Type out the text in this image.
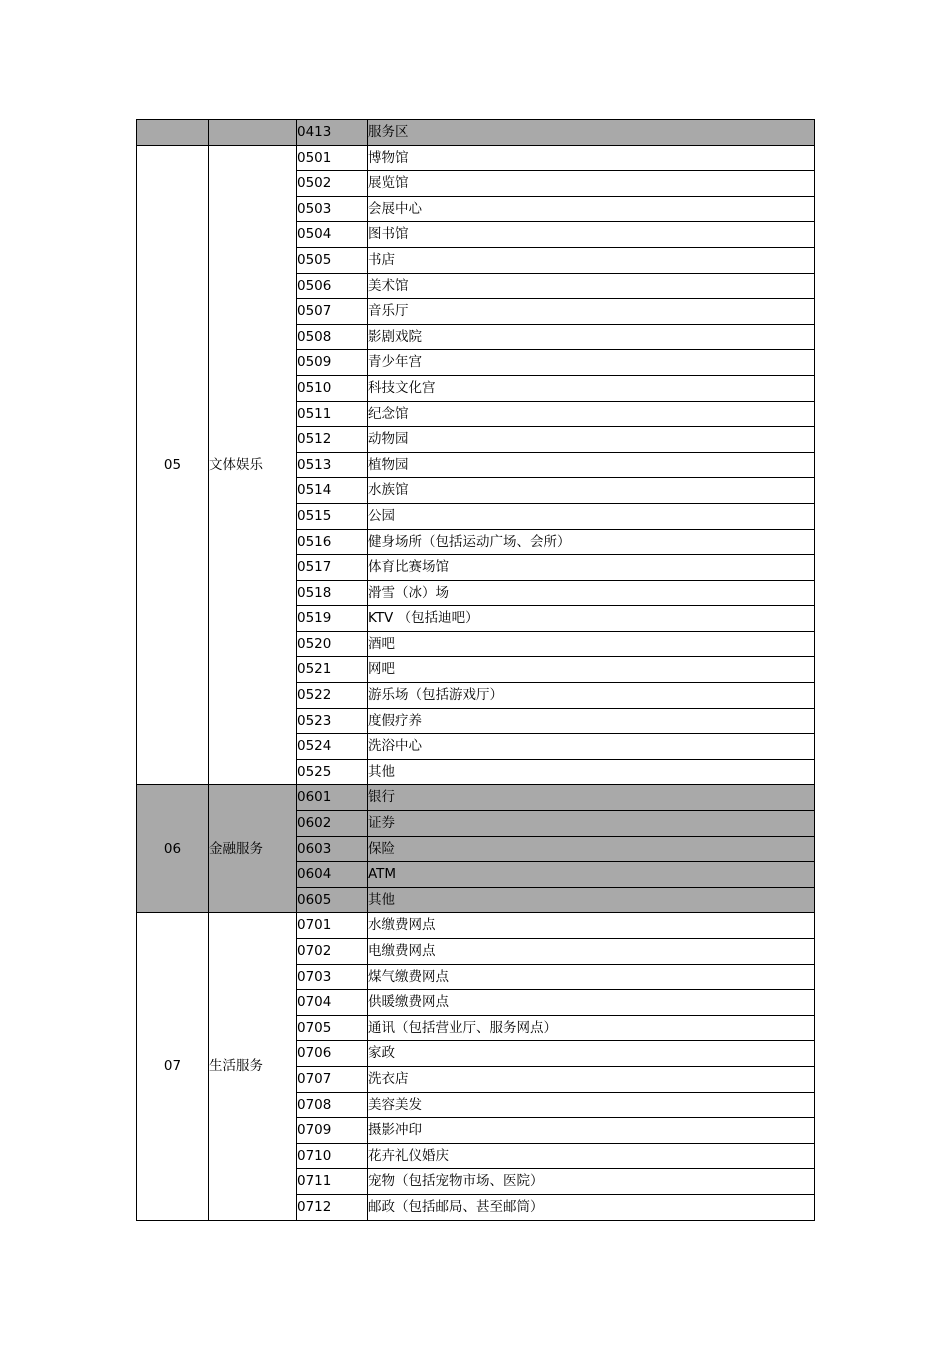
		0413	服务区
05	文体娱乐	0501	博物馆
		0502	展览馆
		0503	会展中心
		0504	图书馆
		0505	书店
		0506	美术馆
		0507	音乐厅
		0508	影剧戏院
		0509	青少年宫
		0510	科技文化宫
		0511	纪念馆
		0512	动物园
		0513	植物园
		0514	水族馆
		0515	公园
		0516	健身场所（包括运动广场、会所）
		0517	体育比赛场馆
		0518	滑雪（冰）场
		0519	KTV （包括迪吧）
		0520	酒吧
		0521	网吧
		0522	游乐场（包括游戏厅）
		0523	度假疗养
		0524	洗浴中心
		0525	其他
06	金融服务	0601	银行
		0602	证券
		0603	保险
		0604	ATM
		0605	其他
07	生活服务	0701	水缴费网点
		0702	电缴费网点
		0703	煤气缴费网点
		0704	供暖缴费网点
		0705	通讯（包括营业厅、服务网点）
		0706	家政
		0707	洗衣店
		0708	美容美发
		0709	摄影冲印
		0710	花卉礼仪婚庆
		0711	宠物（包括宠物市场、医院）
		0712	邮政（包括邮局、甚至邮筒）
